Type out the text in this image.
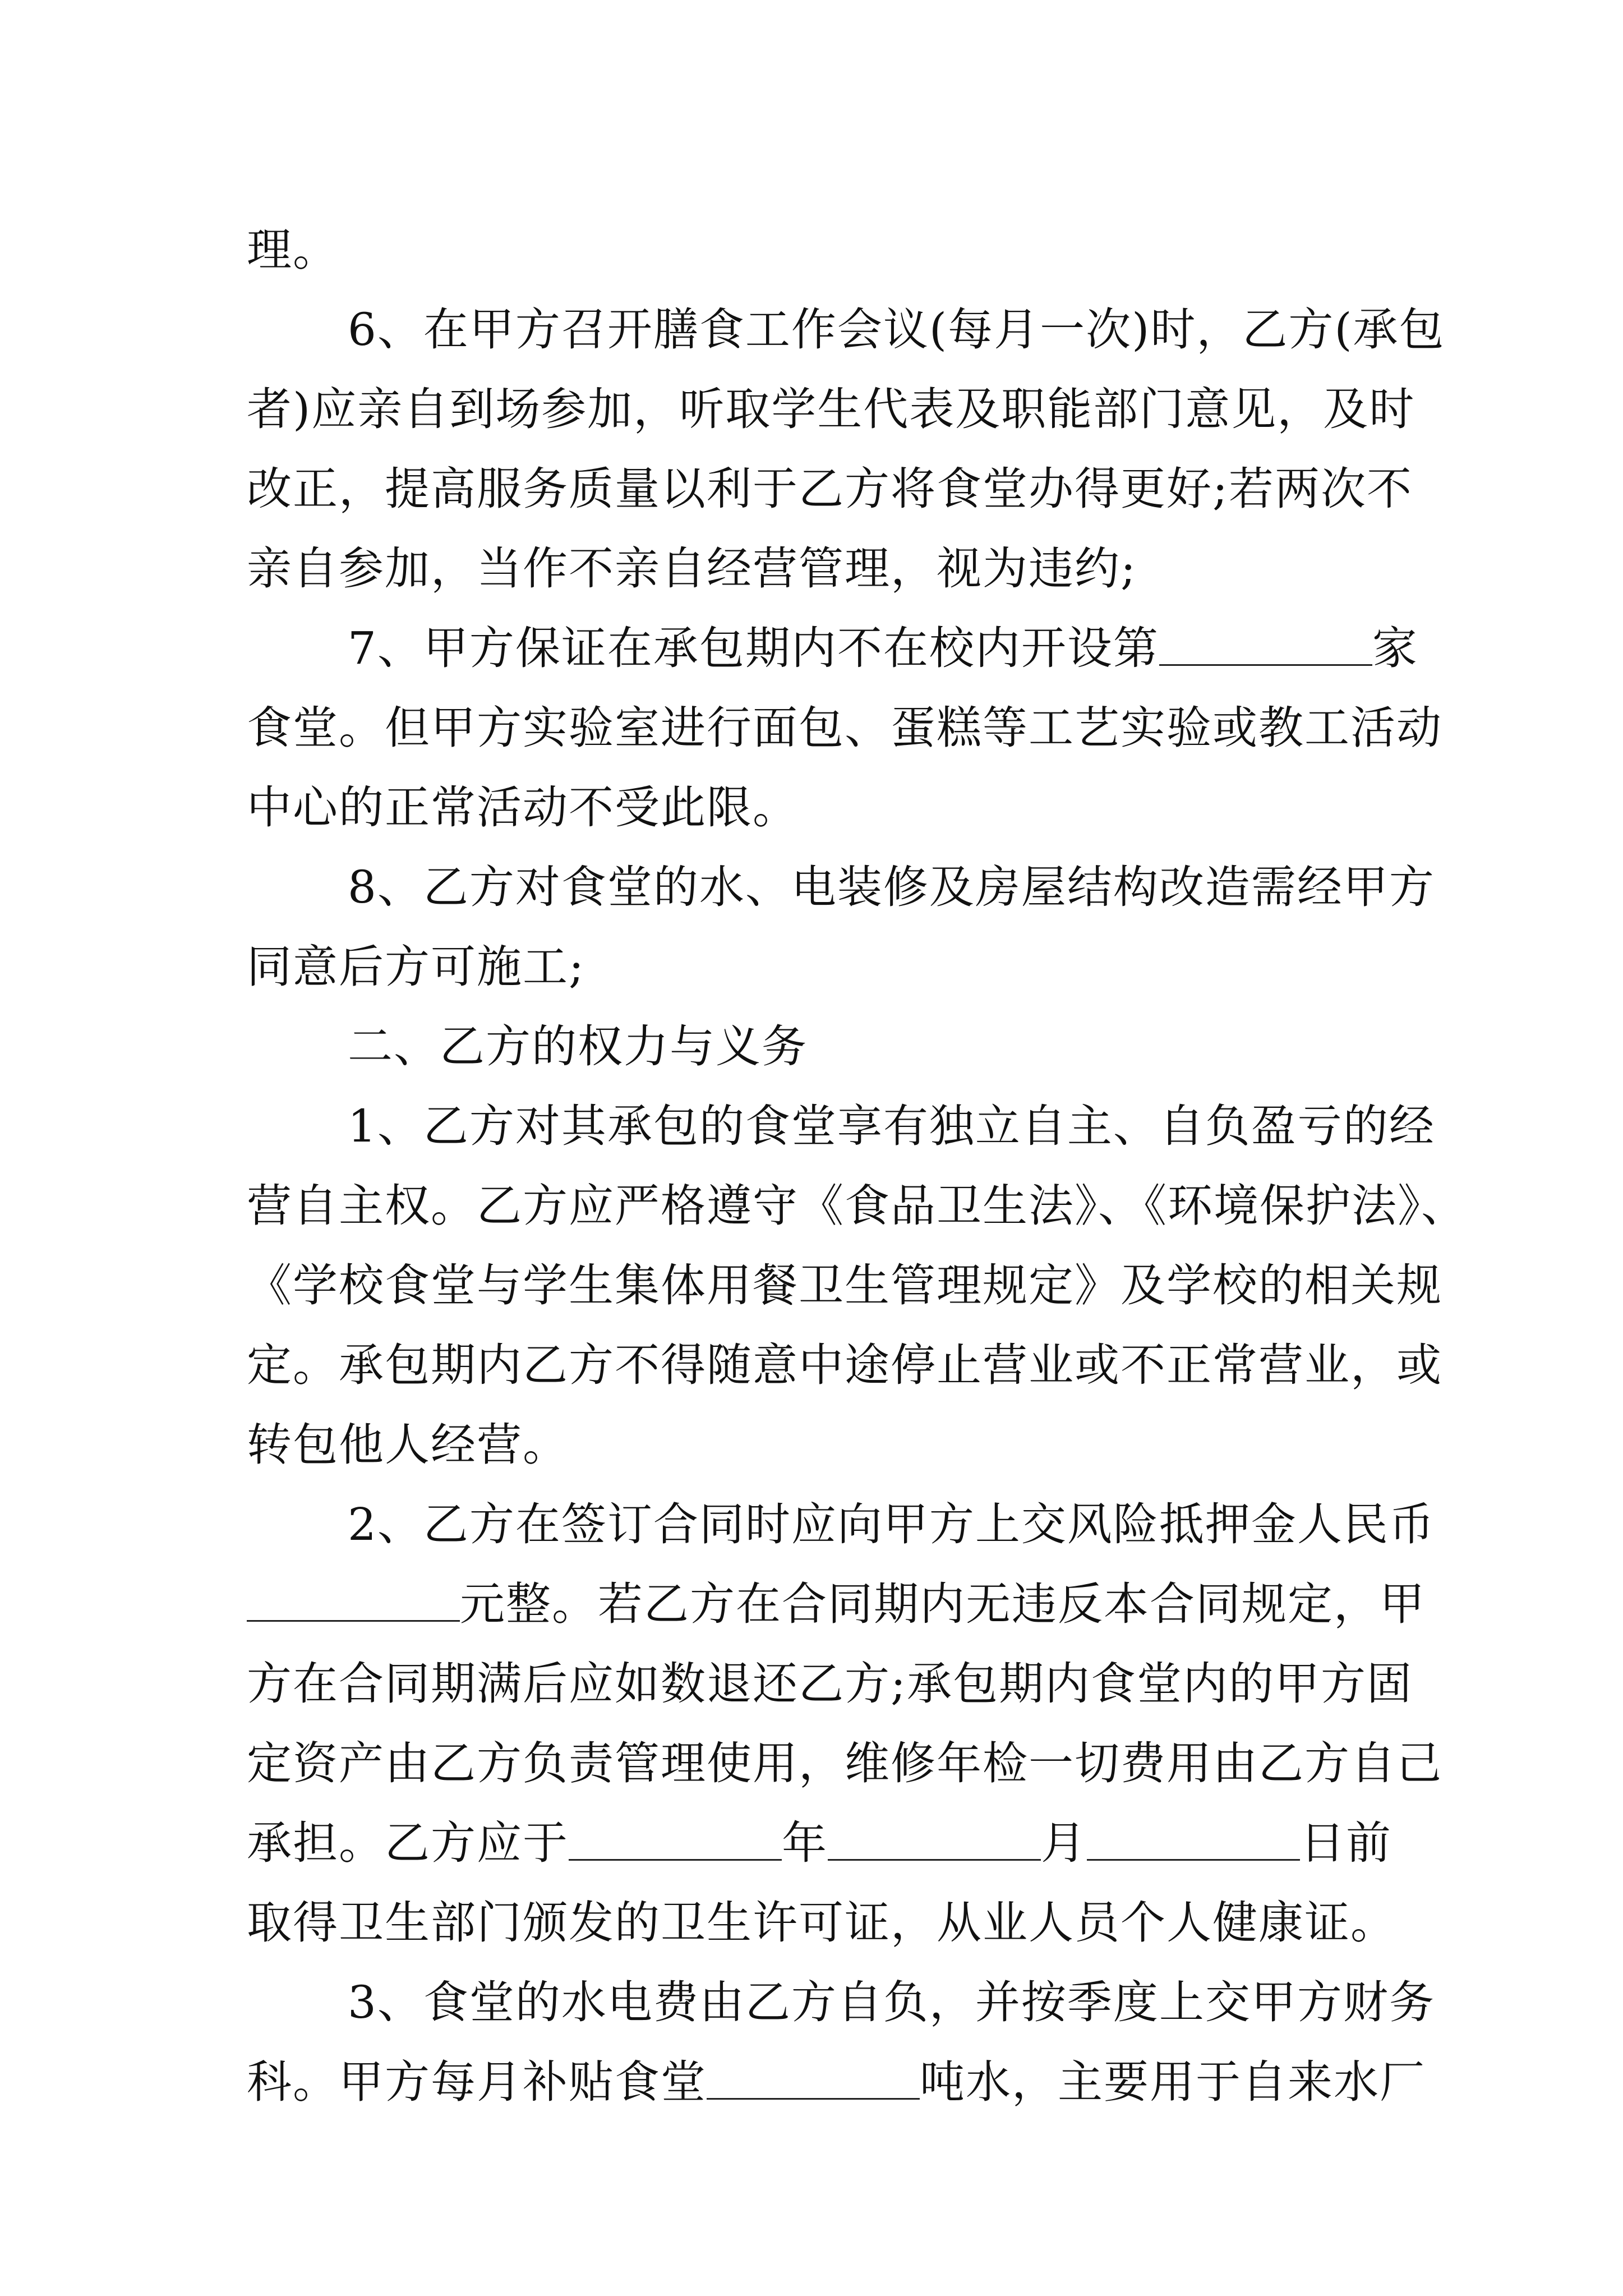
理。
6、在甲方召开膳食工作会议(每月一次)时，乙方(承包
者)应亲自到场参加，听取学生代表及职能部门意见，及时
改正，提高服务质量以利于乙方将食堂办得更好;若两次不
亲自参加，当作不亲自经营管理，视为违约;
7、甲方保证在承包期内不在校内开设第	家
食堂。但甲方实验室进行面包、蛋糕等工艺实验或教工活动
中心的正常活动不受此限。
8、乙方对食堂的水、电装修及房屋结构改造需经甲方
同意后方可施工;
二、乙方的权力与义务
1、乙方对其承包的食堂享有独立自主、自负盈亏的经
营自主权。乙方应严格遵守《食品卫生法》、《环境保护法》、
《学校食堂与学生集体用餐卫生管理规定》及学校的相关规
定。承包期内乙方不得随意中途停止营业或不正常营业，或
转包他人经营。
2、乙方在签订合同时应向甲方上交风险抵押金人民币
元整。若乙方在合同期内无违反本合同规定，甲
方在合同期满后应如数退还乙方;承包期内食堂内的甲方固
定资产由乙方负责管理使用，维修年检一切费用由乙方自己
承担。乙方应于	年	月	日前
取得卫生部门颁发的卫生许可证，从业人员个人健康证。
3、食堂的水电费由乙方自负，并按季度上交甲方财务
科。甲方每月补贴食堂	吨水，主要用于自来水厂
